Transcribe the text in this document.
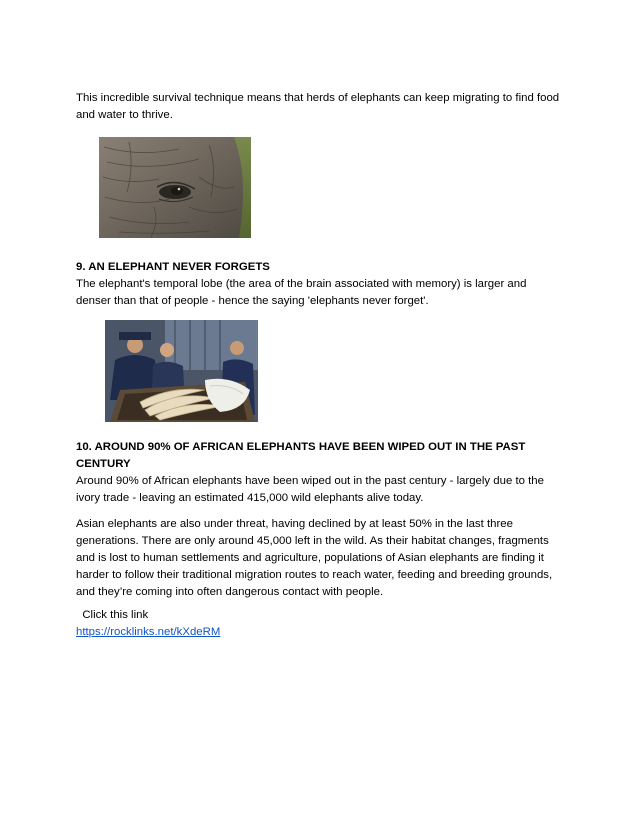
This incredible survival technique means that herds of elephants can keep migrating to find food
and water to thrive.

9. AN ELEPHANT NEVER FORGETS

The elephant's temporal lobe (the area of the brain associated with memory) is larger and
denser than that of people - hence the saying 'elephants never forget'.

10. AROUND 90% OF AFRICAN ELEPHANTS HAVE BEEN WIPED OUT IN THE PAST
CENTURY

Around 90% of African elephants have been wiped out in the past century - largely due to the
ivory trade - leaving an estimated 415,000 wild elephants alive today.

Asian elephants are also under threat, having declined by at least 50% in the last three
generations. There are only around 45,000 left in the wild. As their habitat changes, fragments
and is lost to human settlements and agriculture, populations of Asian elephants are finding it
harder to follow their traditional migration routes to reach water, feeding and breeding grounds,
and they’re coming into often dangerous contact with people.

Click this link

https://rocklinks.net/kXdeRM
